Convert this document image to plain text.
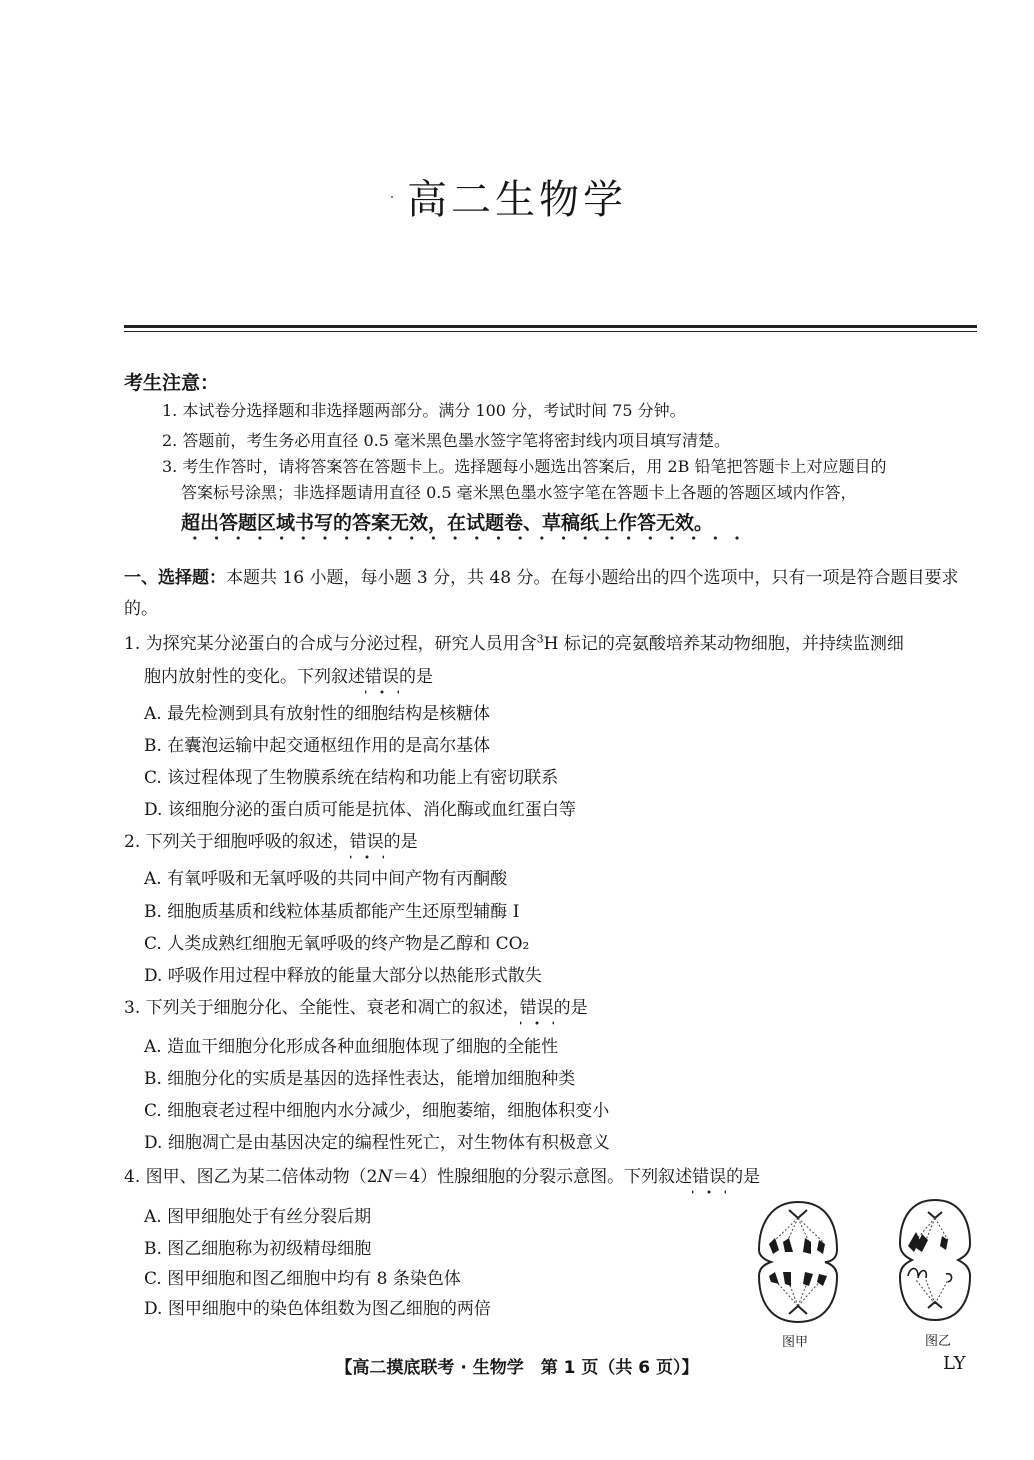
高二生物学
考生注意：
1. 本试卷分选择题和非选择题两部分。满分 100 分，考试时间 75 分钟。
2. 答题前，考生务必用直径 0.5 毫米黑色墨水签字笔将密封线内项目填写清楚。
3. 考生作答时，请将答案答在答题卡上。选择题每小题选出答案后，用 2B 铅笔把答题卡上对应题目的
答案标号涂黑；非选择题请用直径 0.5 毫米黑色墨水签字笔在答题卡上各题的答题区域内作答，
超出答题区域书写的答案无效，在试题卷、草稿纸上作答无效。
一、选择题：本题共 16 小题，每小题 3 分，共 48 分。在每小题给出的四个选项中，只有一项是符合题目要求的。
1. 为探究某分泌蛋白的合成与分泌过程，研究人员用含$^3$H 标记的亮氨酸培养某动物细胞，并持续监测细
胞内放射性的变化。下列叙述错误的是
A. 最先检测到具有放射性的细胞结构是核糖体
B. 在囊泡运输中起交通枢纽作用的是高尔基体
C. 该过程体现了生物膜系统在结构和功能上有密切联系
D. 该细胞分泌的蛋白质可能是抗体、消化酶或血红蛋白等
2. 下列关于细胞呼吸的叙述，错误的是
A. 有氧呼吸和无氧呼吸的共同中间产物有丙酮酸
B. 细胞质基质和线粒体基质都能产生还原型辅酶 Ⅰ
C. 人类成熟红细胞无氧呼吸的终产物是乙醇和 CO₂
D. 呼吸作用过程中释放的能量大部分以热能形式散失
3. 下列关于细胞分化、全能性、衰老和凋亡的叙述，错误的是
A. 造血干细胞分化形成各种血细胞体现了细胞的全能性
B. 细胞分化的实质是基因的选择性表达，能增加细胞种类
C. 细胞衰老过程中细胞内水分减少，细胞萎缩，细胞体积变小
D. 细胞凋亡是由基因决定的编程性死亡，对生物体有积极意义
4. 图甲、图乙为某二倍体动物（2N＝4）性腺细胞的分裂示意图。下列叙述错误的是
A. 图甲细胞处于有丝分裂后期
B. 图乙细胞称为初级精母细胞
C. 图甲细胞和图乙细胞中均有 8 条染色体
D. 图甲细胞中的染色体组数为图乙细胞的两倍
图甲	图乙
【高二摸底联考 · 生物学　第 1 页（共 6 页）】	LY
